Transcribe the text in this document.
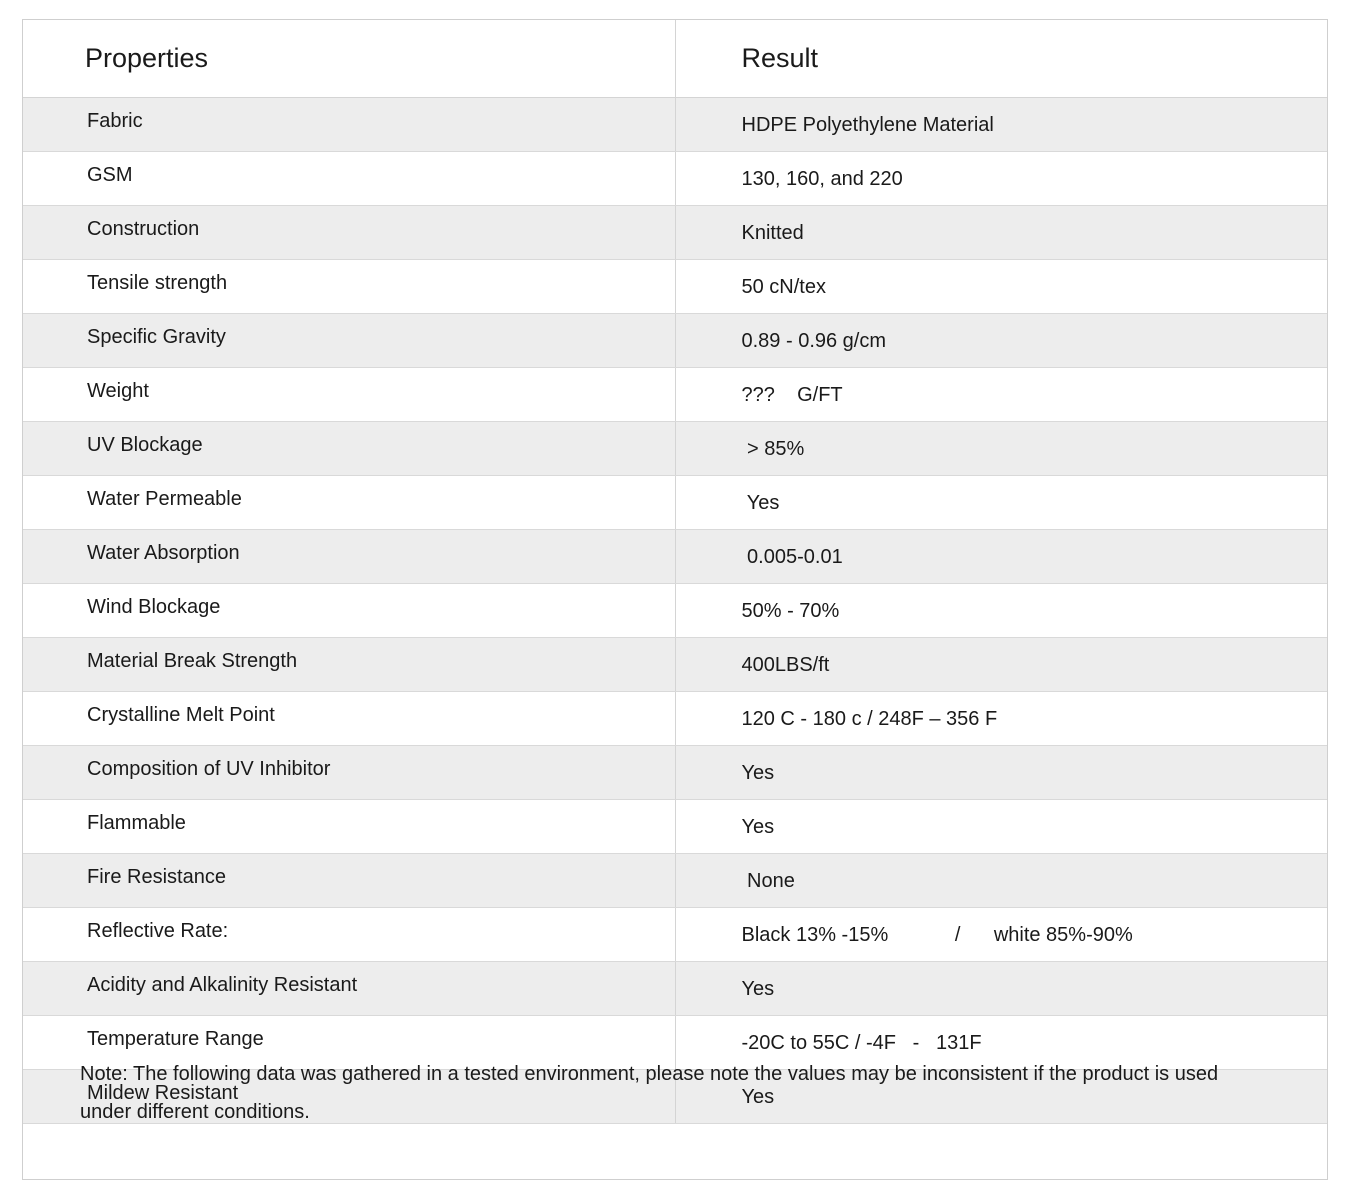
Properties	Result
Fabric	HDPE Polyethylene Material
GSM	130, 160, and 220
Construction	Knitted
Tensile strength	50 cN/tex
Specific Gravity	0.89 - 0.96 g/cm
Weight	???    G/FT
UV Blockage	> 85%
Water Permeable	Yes
Water Absorption	0.005-0.01
Wind Blockage	50% - 70%
Material Break Strength	400LBS/ft
Crystalline Melt Point	120 C - 180 c / 248F – 356 F
Composition of UV Inhibitor	Yes
Flammable	Yes
Fire Resistance	None
Reflective Rate:	Black 13% -15%            /      white 85%-90%
Acidity and Alkalinity Resistant	Yes
Temperature Range	-20C to 55C / -4F   -   131F
Mildew Resistant	Yes
Note: The following data was gathered in a tested environment, please note the values may be inconsistent if the product is used under different conditions.
